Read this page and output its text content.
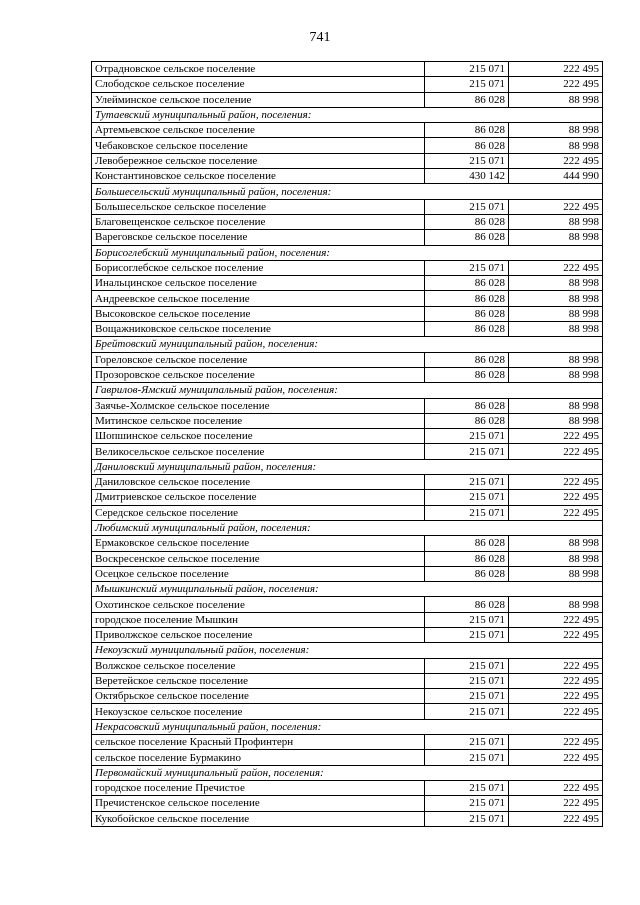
741
Отрадновское сельское поселение	215 071	222 495
Слободское сельское поселение	215 071	222 495
Улейминское сельское поселение	86 028	88 998
Тутаевский муниципальный район, поселения:		
Артемьевское сельское поселение	86 028	88 998
Чебаковское сельское поселение	86 028	88 998
Левобережное сельское поселение	215 071	222 495
Константиновское сельское поселение	430 142	444 990
Большесельский муниципальный район, поселения:		
Большесельское сельское поселение	215 071	222 495
Благовещенское сельское поселение	86 028	88 998
Вареговское сельское поселение	86 028	88 998
Борисоглебский муниципальный район, поселения:		
Борисоглебское сельское поселение	215 071	222 495
Инальцинское сельское поселение	86 028	88 998
Андреевское сельское поселение	86 028	88 998
Высоковское сельское поселение	86 028	88 998
Вощажниковское сельское поселение	86 028	88 998
Брейтовский муниципальный район, поселения:		
Гореловское сельское поселение	86 028	88 998
Прозоровское сельское поселение	86 028	88 998
Гаврилов-Ямский муниципальный район, поселения:		
Заячье-Холмское сельское поселение	86 028	88 998
Митинское сельское поселение	86 028	88 998
Шопшинское сельское поселение	215 071	222 495
Великосельское сельское поселение	215 071	222 495
Даниловский муниципальный район, поселения:		
Даниловское сельское поселение	215 071	222 495
Дмитриевское сельское поселение	215 071	222 495
Середское сельское поселение	215 071	222 495
Любимский муниципальный район, поселения:		
Ермаковское сельское поселение	86 028	88 998
Воскресенское сельское поселение	86 028	88 998
Осецкое сельское поселение	86 028	88 998
Мышкинский муниципальный район, поселения:		
Охотинское сельское поселение	86 028	88 998
городское поселение Мышкин	215 071	222 495
Приволжское сельское поселение	215 071	222 495
Некоузский муниципальный район, поселения:		
Волжское сельское поселение	215 071	222 495
Веретейское сельское поселение	215 071	222 495
Октябрьское сельское поселение	215 071	222 495
Некоузское сельское поселение	215 071	222 495
Некрасовский муниципальный район, поселения:		
сельское поселение Красный Профинтерн	215 071	222 495
сельское поселение Бурмакино	215 071	222 495
Первомайский муниципальный район, поселения:		
городское поселение Пречистое	215 071	222 495
Пречистенское сельское поселение	215 071	222 495
Кукобойское сельское поселение	215 071	222 495
